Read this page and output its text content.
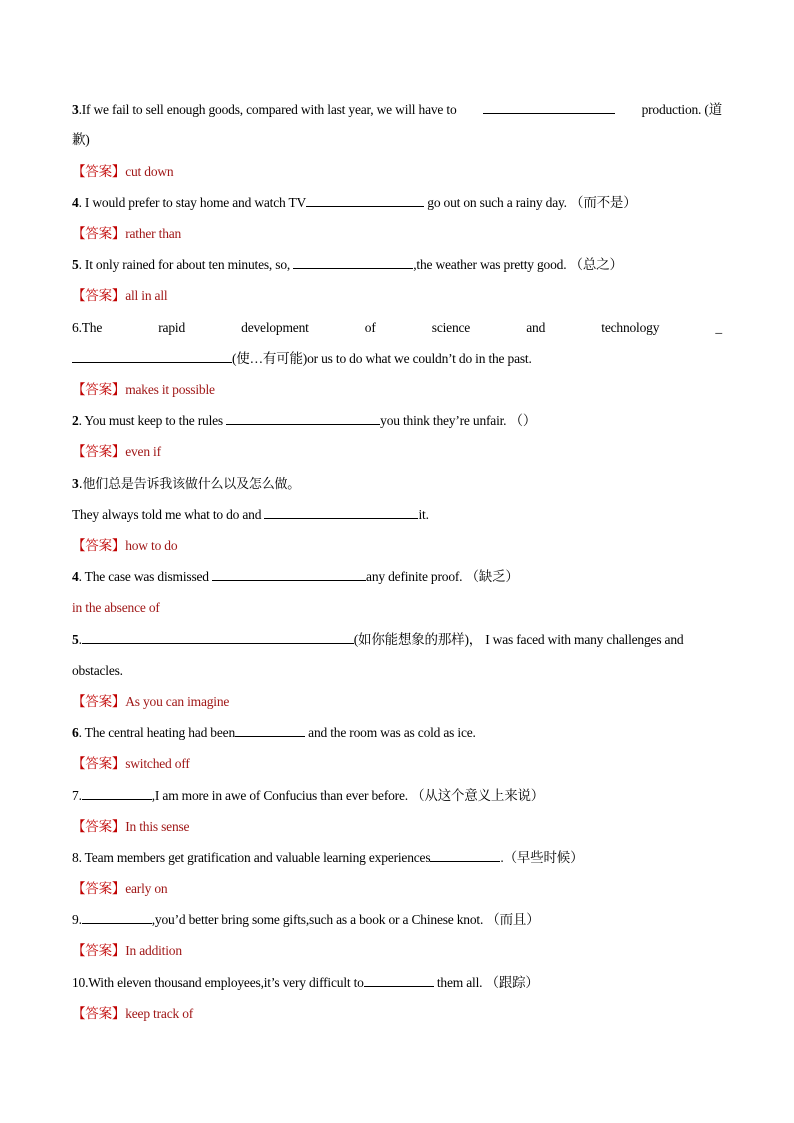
3.If we fail to sell enough goods, compared with last year, we will have to	production. (道
歉)
【答案】cut down
4. I would prefer to stay home and watch TV	go out on such a rainy day. （而不是）
【答案】rather than
5. It only rained for about ten minutes, so,	,the weather was pretty good. （总之）
【答案】all in all
6.The	rapid	development	of	science	and	technology	_
(使…有可能)or us to do what we couldn’t do in the past.
【答案】makes it possible
2. You must keep to the rules	you think they’re unfair. （）
【答案】even if
3.他们总是告诉我该做什么以及怎么做。
They always told me what to do and	it.
【答案】how to do
4. The case was dismissed	any definite proof. （缺乏）
in the absence of
5.	(如你能想象的那样)， I was faced with many challenges and
obstacles.
【答案】As you can imagine
6. The central heating had been	and the room was as cold as ice.
【答案】switched off
7.	,I am more in awe of Confucius than ever before. （从这个意义上来说）
【答案】In this sense
8. Team members get gratification and valuable learning experiences	.（早些时候）
【答案】early on
9.	,you’d better bring some gifts,such as a book or a Chinese knot. （而且）
【答案】In addition
10.With eleven thousand employees,it’s very difficult to	them all. （跟踪）
【答案】keep track of
